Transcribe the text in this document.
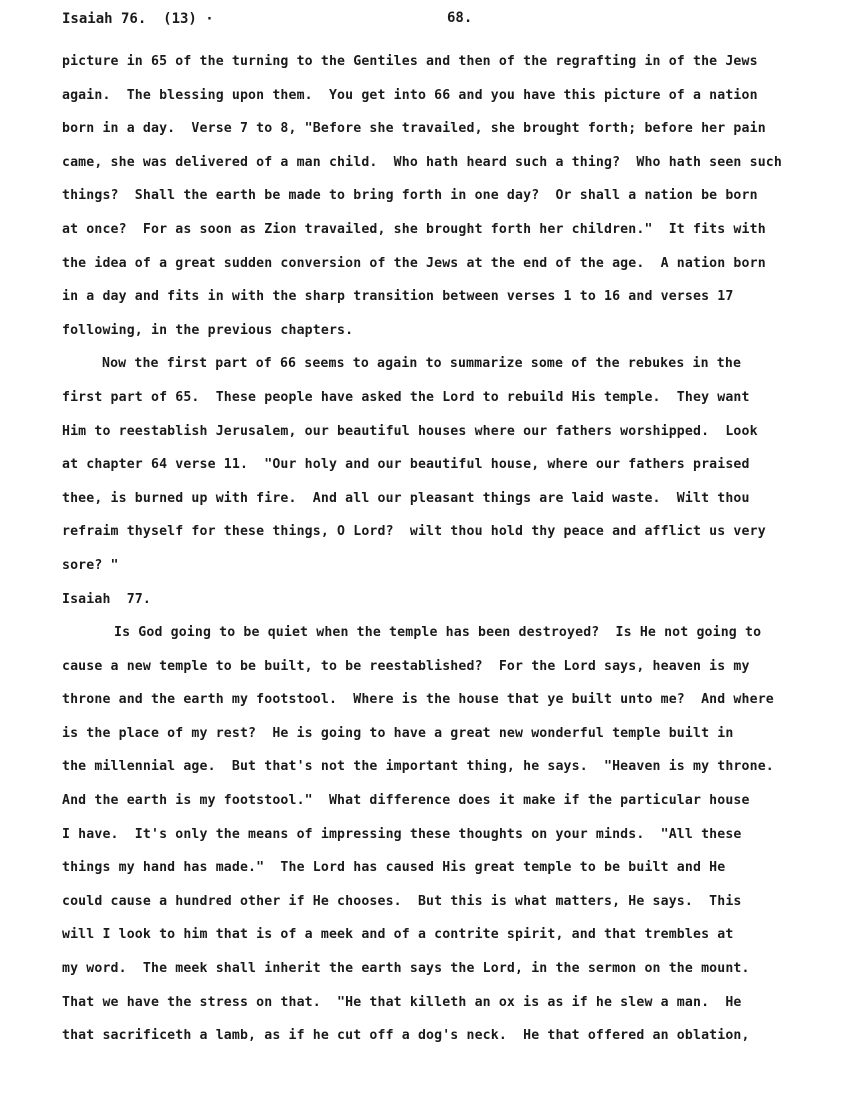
Isaiah 76.  (13) ·	68.
picture in 65 of the turning to the Gentiles and then of the regrafting in of the Jews
again.  The blessing upon them.  You get into 66 and you have this picture of a nation
born in a day.  Verse 7 to 8, "Before she travailed, she brought forth; before her pain
came, she was delivered of a man child.  Who hath heard such a thing?  Who hath seen such
things?  Shall the earth be made to bring forth in one day?  Or shall a nation be born
at once?  For as soon as Zion travailed, she brought forth her children."  It fits with
the idea of a great sudden conversion of the Jews at the end of the age.  A nation born
in a day and fits in with the sharp transition between verses 1 to 16 and verses 17
following, in the previous chapters.
Now the first part of 66 seems to again to summarize some of the rebukes in the
first part of 65.  These people have asked the Lord to rebuild His temple.  They want
Him to reestablish Jerusalem, our beautiful houses where our fathers worshipped.  Look
at chapter 64 verse 11.  "Our holy and our beautiful house, where our fathers praised
thee, is burned up with fire.  And all our pleasant things are laid waste.  Wilt thou
refraim thyself for these things, O Lord?  wilt thou hold thy peace and afflict us very
sore? "
Isaiah  77.
Is God going to be quiet when the temple has been destroyed?  Is He not going to
cause a new temple to be built, to be reestablished?  For the Lord says, heaven is my
throne and the earth my footstool.  Where is the house that ye built unto me?  And where
is the place of my rest?  He is going to have a great new wonderful temple built in
the millennial age.  But that's not the important thing, he says.  "Heaven is my throne.
And the earth is my footstool."  What difference does it make if the particular house
I have.  It's only the means of impressing these thoughts on your minds.  "All these
things my hand has made."  The Lord has caused His great temple to be built and He
could cause a hundred other if He chooses.  But this is what matters, He says.  This
will I look to him that is of a meek and of a contrite spirit, and that trembles at
my word.  The meek shall inherit the earth says the Lord, in the sermon on the mount.
That we have the stress on that.  "He that killeth an ox is as if he slew a man.  He
that sacrificeth a lamb, as if he cut off a dog's neck.  He that offered an oblation,
